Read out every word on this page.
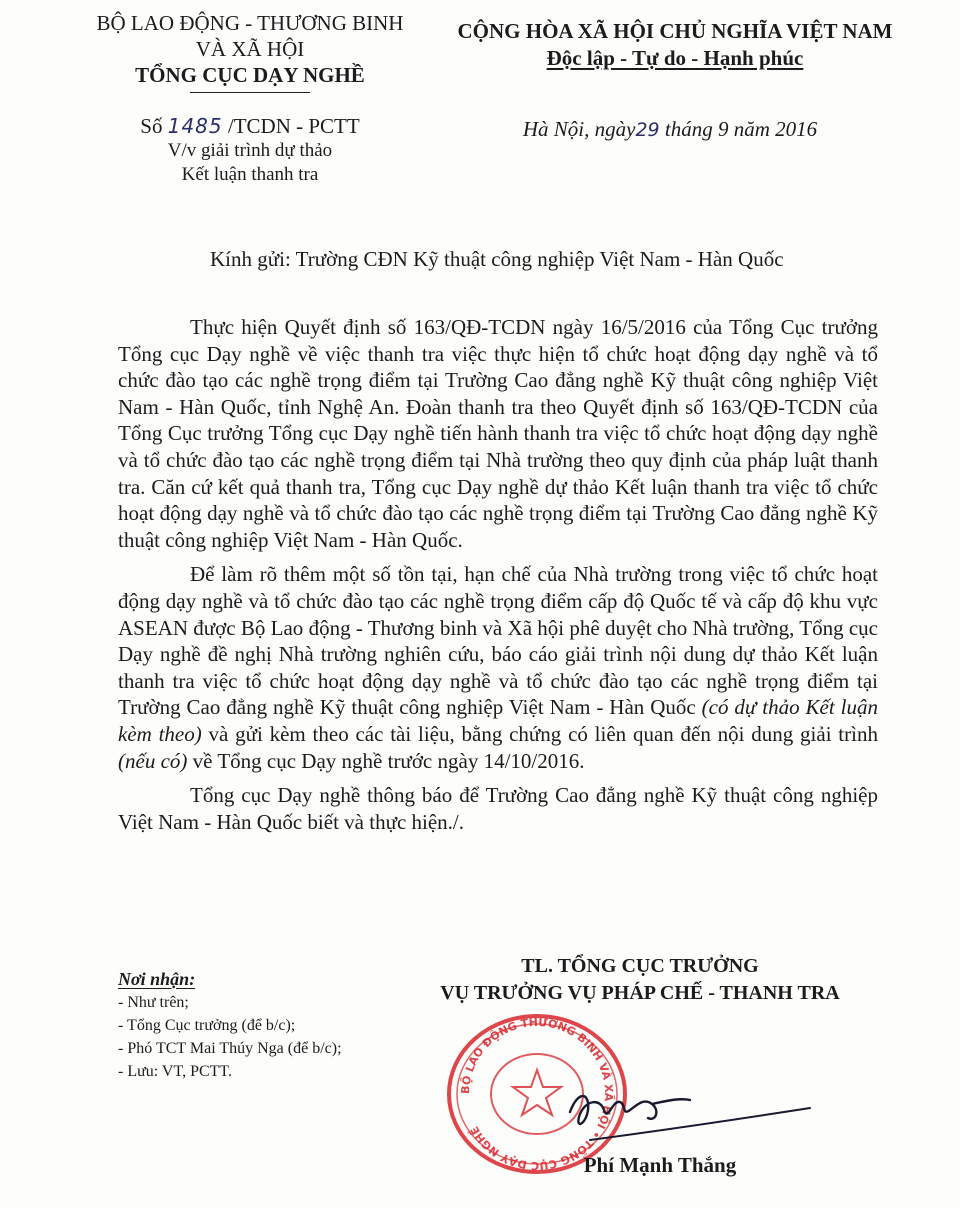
BỘ LAO ĐỘNG - THƯƠNG BINH
VÀ XÃ HỘI
TỔNG CỤC DẠY NGHỀ
CỘNG HÒA XÃ HỘI CHỦ NGHĨA VIỆT NAM
Độc lập - Tự do - Hạnh phúc
Số 1485 /TCDN - PCTT
V/v giải trình dự thảo
Kết luận thanh tra
Hà Nội, ngày29 tháng 9 năm 2016
Kính gửi: Trường CĐN Kỹ thuật công nghiệp Việt Nam - Hàn Quốc

Thực hiện Quyết định số 163/QĐ-TCDN ngày 16/5/2016 của Tổng Cục trưởng Tổng cục Dạy nghề về việc thanh tra việc thực hiện tổ chức hoạt động dạy nghề và tổ chức đào tạo các nghề trọng điểm tại Trường Cao đẳng nghề Kỹ thuật công nghiệp Việt Nam - Hàn Quốc, tỉnh Nghệ An. Đoàn thanh tra theo Quyết định số 163/QĐ-TCDN của Tổng Cục trưởng Tổng cục Dạy nghề tiến hành thanh tra việc tổ chức hoạt động dạy nghề và tổ chức đào tạo các nghề trọng điểm tại Nhà trường theo quy định của pháp luật thanh tra. Căn cứ kết quả thanh tra, Tổng cục Dạy nghề dự thảo Kết luận thanh tra việc tổ chức hoạt động dạy nghề và tổ chức đào tạo các nghề trọng điểm tại Trường Cao đẳng nghề Kỹ thuật công nghiệp Việt Nam - Hàn Quốc.

Để làm rõ thêm một số tồn tại, hạn chế của Nhà trường trong việc tổ chức hoạt động dạy nghề và tổ chức đào tạo các nghề trọng điểm cấp độ Quốc tế và cấp độ khu vực ASEAN được Bộ Lao động - Thương binh và Xã hội phê duyệt cho Nhà trường, Tổng cục Dạy nghề đề nghị Nhà trường nghiên cứu, báo cáo giải trình nội dung dự thảo Kết luận thanh tra việc tổ chức hoạt động dạy nghề và tổ chức đào tạo các nghề trọng điểm tại Trường Cao đẳng nghề Kỹ thuật công nghiệp Việt Nam - Hàn Quốc (có dự thảo Kết luận kèm theo) và gửi kèm theo các tài liệu, bằng chứng có liên quan đến nội dung giải trình (nếu có) về Tổng cục Dạy nghề trước ngày 14/10/2016.

Tổng cục Dạy nghề thông báo để Trường Cao đẳng nghề Kỹ thuật công nghiệp Việt Nam - Hàn Quốc biết và thực hiện./.

Nơi nhận:
- Như trên;
- Tổng Cục trưởng (để b/c);
- Phó TCT Mai Thúy Nga (để b/c);
- Lưu: VT, PCTT.
TL. TỔNG CỤC TRƯỞNG
VỤ TRƯỞNG VỤ PHÁP CHẾ - THANH TRA
BỘ LAO ĐỘNG THƯƠNG BINH VÀ XÃ HỘI • TỔNG CỤC DẠY NGHỀ
Phí Mạnh Thắng
